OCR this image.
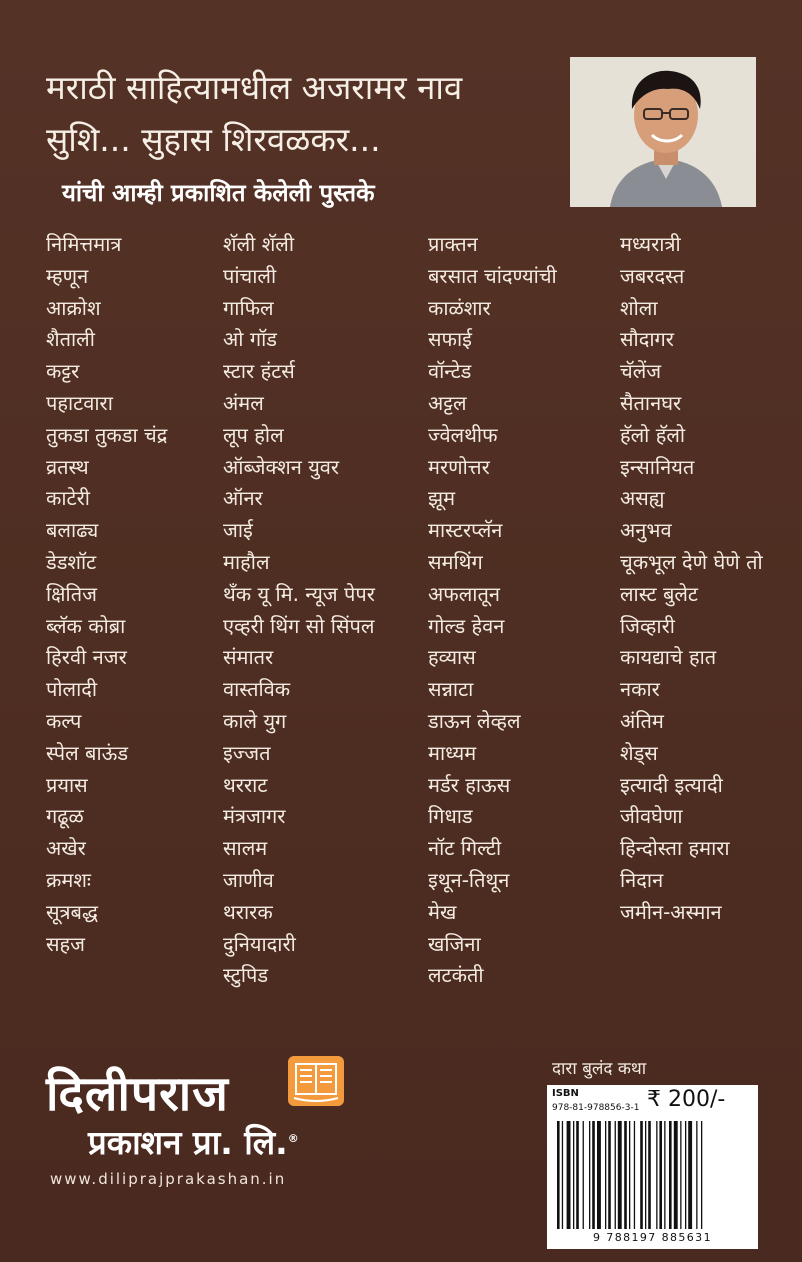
मराठी साहित्यामधील अजरामर नाव
सुशि... सुहास शिरवळकर...
यांची आम्ही प्रकाशित केलेली पुस्तके
निमित्तमात्र
म्हणून
आक्रोश
शैताली
कट्टर
पहाटवारा
तुकडा तुकडा चंद्र
व्रतस्थ
काटेरी
बलाढ्य
डेडशॉट
क्षितिज
ब्लॅक कोब्रा
हिरवी नजर
पोलादी
कल्प
स्पेल बाऊंड
प्रयास
गढूळ
अखेर
क्रमशः
सूत्रबद्ध
सहज
शॅली शॅली
पांचाली
गाफिल
ओ गॉड
स्टार हंटर्स
अंमल
लूप होल
ऑब्जेक्शन युवर
ऑनर
जाई
माहौल
थँक यू मि. न्यूज पेपर
एव्हरी थिंग सो सिंपल
संमातर
वास्तविक
काले युग
इज्जत
थरराट
मंत्रजागर
सालम
जाणीव
थरारक
दुनियादारी
स्टुपिड
प्राक्तन
बरसात चांदण्यांची
काळंशार
सफाई
वॉन्टेड
अट्टल
ज्वेलथीफ
मरणोत्तर
झूम
मास्टरप्लॅन
समथिंग
अफलातून
गोल्ड हेवन
हव्यास
सन्नाटा
डाऊन लेव्हल
माध्यम
मर्डर हाऊस
गिधाड
नॉट गिल्टी
इथून-तिथून
मेख
खजिना
लटकंती
मध्यरात्री
जबरदस्त
शोला
सौदागर
चॅलेंज
सैतानघर
हॅलो हॅलो
इन्सानियत
असह्य
अनुभव
चूकभूल देणे घेणे तो
लास्ट बुलेट
जिव्हारी
कायद्याचे हात
नकार
अंतिम
शेड्स
इत्यादी इत्यादी
जीवघेणा
हिन्दोस्ता हमारा
निदान
जमीन-अस्मान
दिलीपराज
प्रकाशन प्रा. लि.®
www.diliprajprakashan.in
दारा बुलंद कथा
ISBN
978-81-978856-3-1 ₹ 200/-
9 788197 885631
